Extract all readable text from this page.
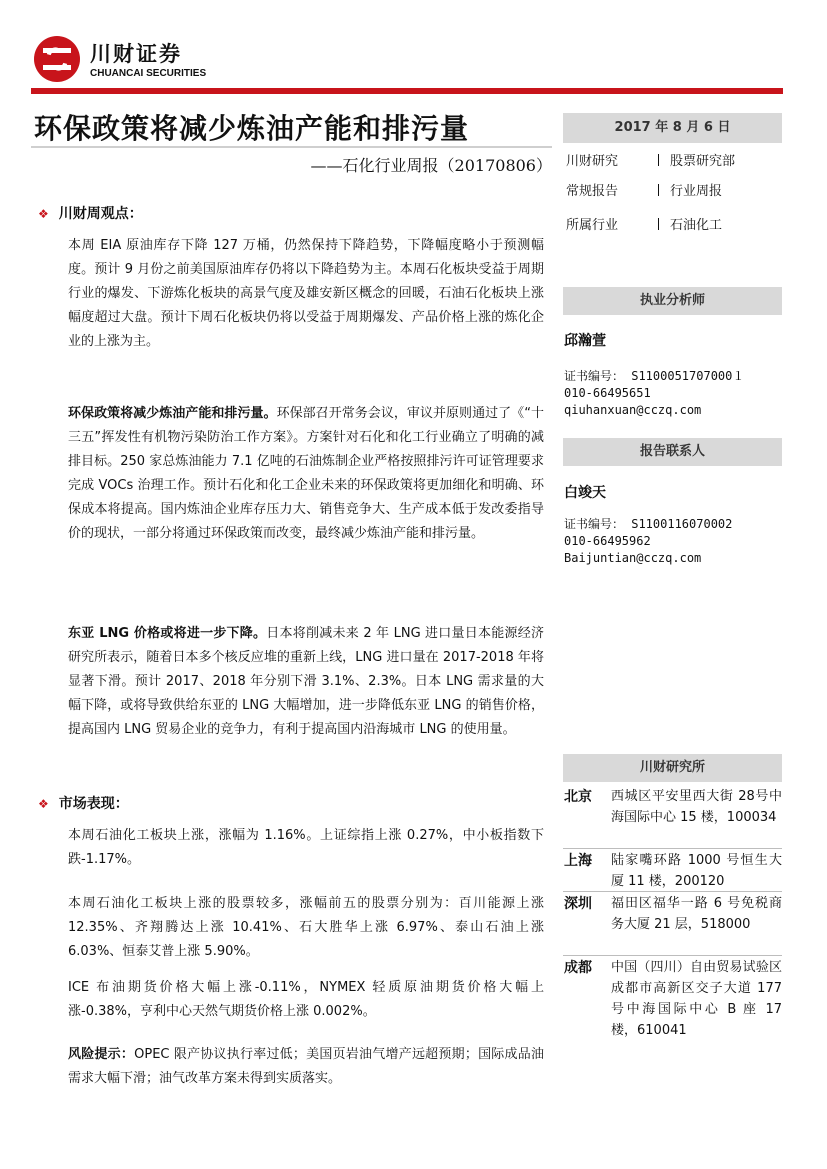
川财证券
CHUANCAI SECURITIES
环保政策将减少炼油产能和排污量
——石化行业周报（20170806）
❖ 川财周观点：
本周 EIA 原油库存下降 127 万桶，仍然保持下降趋势，下降幅度略小于预测幅度。预计 9 月份之前美国原油库存仍将以下降趋势为主。本周石化板块受益于周期行业的爆发、下游炼化板块的高景气度及雄安新区概念的回暖，石油石化板块上涨幅度超过大盘。预计下周石化板块仍将以受益于周期爆发、产品价格上涨的炼化企业的上涨为主。
环保政策将减少炼油产能和排污量。环保部召开常务会议，审议并原则通过了《“十三五”挥发性有机物污染防治工作方案》。方案针对石化和化工行业确立了明确的减排目标。250 家总炼油能力 7.1 亿吨的石油炼制企业严格按照排污许可证管理要求完成 VOCs 治理工作。预计石化和化工企业未来的环保政策将更加细化和明确、环保成本将提高。国内炼油企业库存压力大、销售竞争大、生产成本低于发改委指导价的现状，一部分将通过环保政策而改变，最终减少炼油产能和排污量。
东亚 LNG 价格或将进一步下降。日本将削减未来 2 年 LNG 进口量日本能源经济研究所表示，随着日本多个核反应堆的重新上线，LNG 进口量在 2017-2018 年将显著下滑。预计 2017、2018 年分别下滑 3.1%、2.3%。日本 LNG 需求量的大幅下降，或将导致供给东亚的 LNG 大幅增加，进一步降低东亚 LNG 的销售价格，提高国内 LNG 贸易企业的竞争力，有利于提高国内沿海城市 LNG 的使用量。
❖ 市场表现：
本周石油化工板块上涨，涨幅为 1.16%。上证综指上涨 0.27%，中小板指数下跌-1.17%。
本周石油化工板块上涨的股票较多，涨幅前五的股票分别为：百川能源上涨 12.35%、齐翔腾达上涨 10.41%、石大胜华上涨 6.97%、泰山石油上涨 6.03%、恒泰艾普上涨 5.90%。
ICE 布油期货价格大幅上涨-0.11%，NYMEX 轻质原油期货价格大幅上涨-0.38%，亨利中心天然气期货价格上涨 0.002%。
风险提示：OPEC 限产协议执行率过低；美国页岩油气增产远超预期；国际成品油需求大幅下滑；油气改革方案未得到实质落实。
2017 年 8 月 6 日
川财研究	股票研究部
常规报告	行业周报
所属行业	石油化工
执业分析师
邱瀚萱
证书编号： S1100051707000１
010-66495651
qiuhanxuan@cczq.com
报告联系人
白竣天
证书编号： S1100116070002
010-66495962
Baijuntian@cczq.com
川财研究所
北京 西城区平安里西大街 28号中海国际中心 15 楼，100034
上海 陆家嘴环路 1000 号恒生大厦 11 楼，200120
深圳 福田区福华一路 6 号免税商务大厦 21 层，518000
成都 中国（四川）自由贸易试验区成都市高新区交子大道 177 号中海国际中心 B 座 17 楼，610041
